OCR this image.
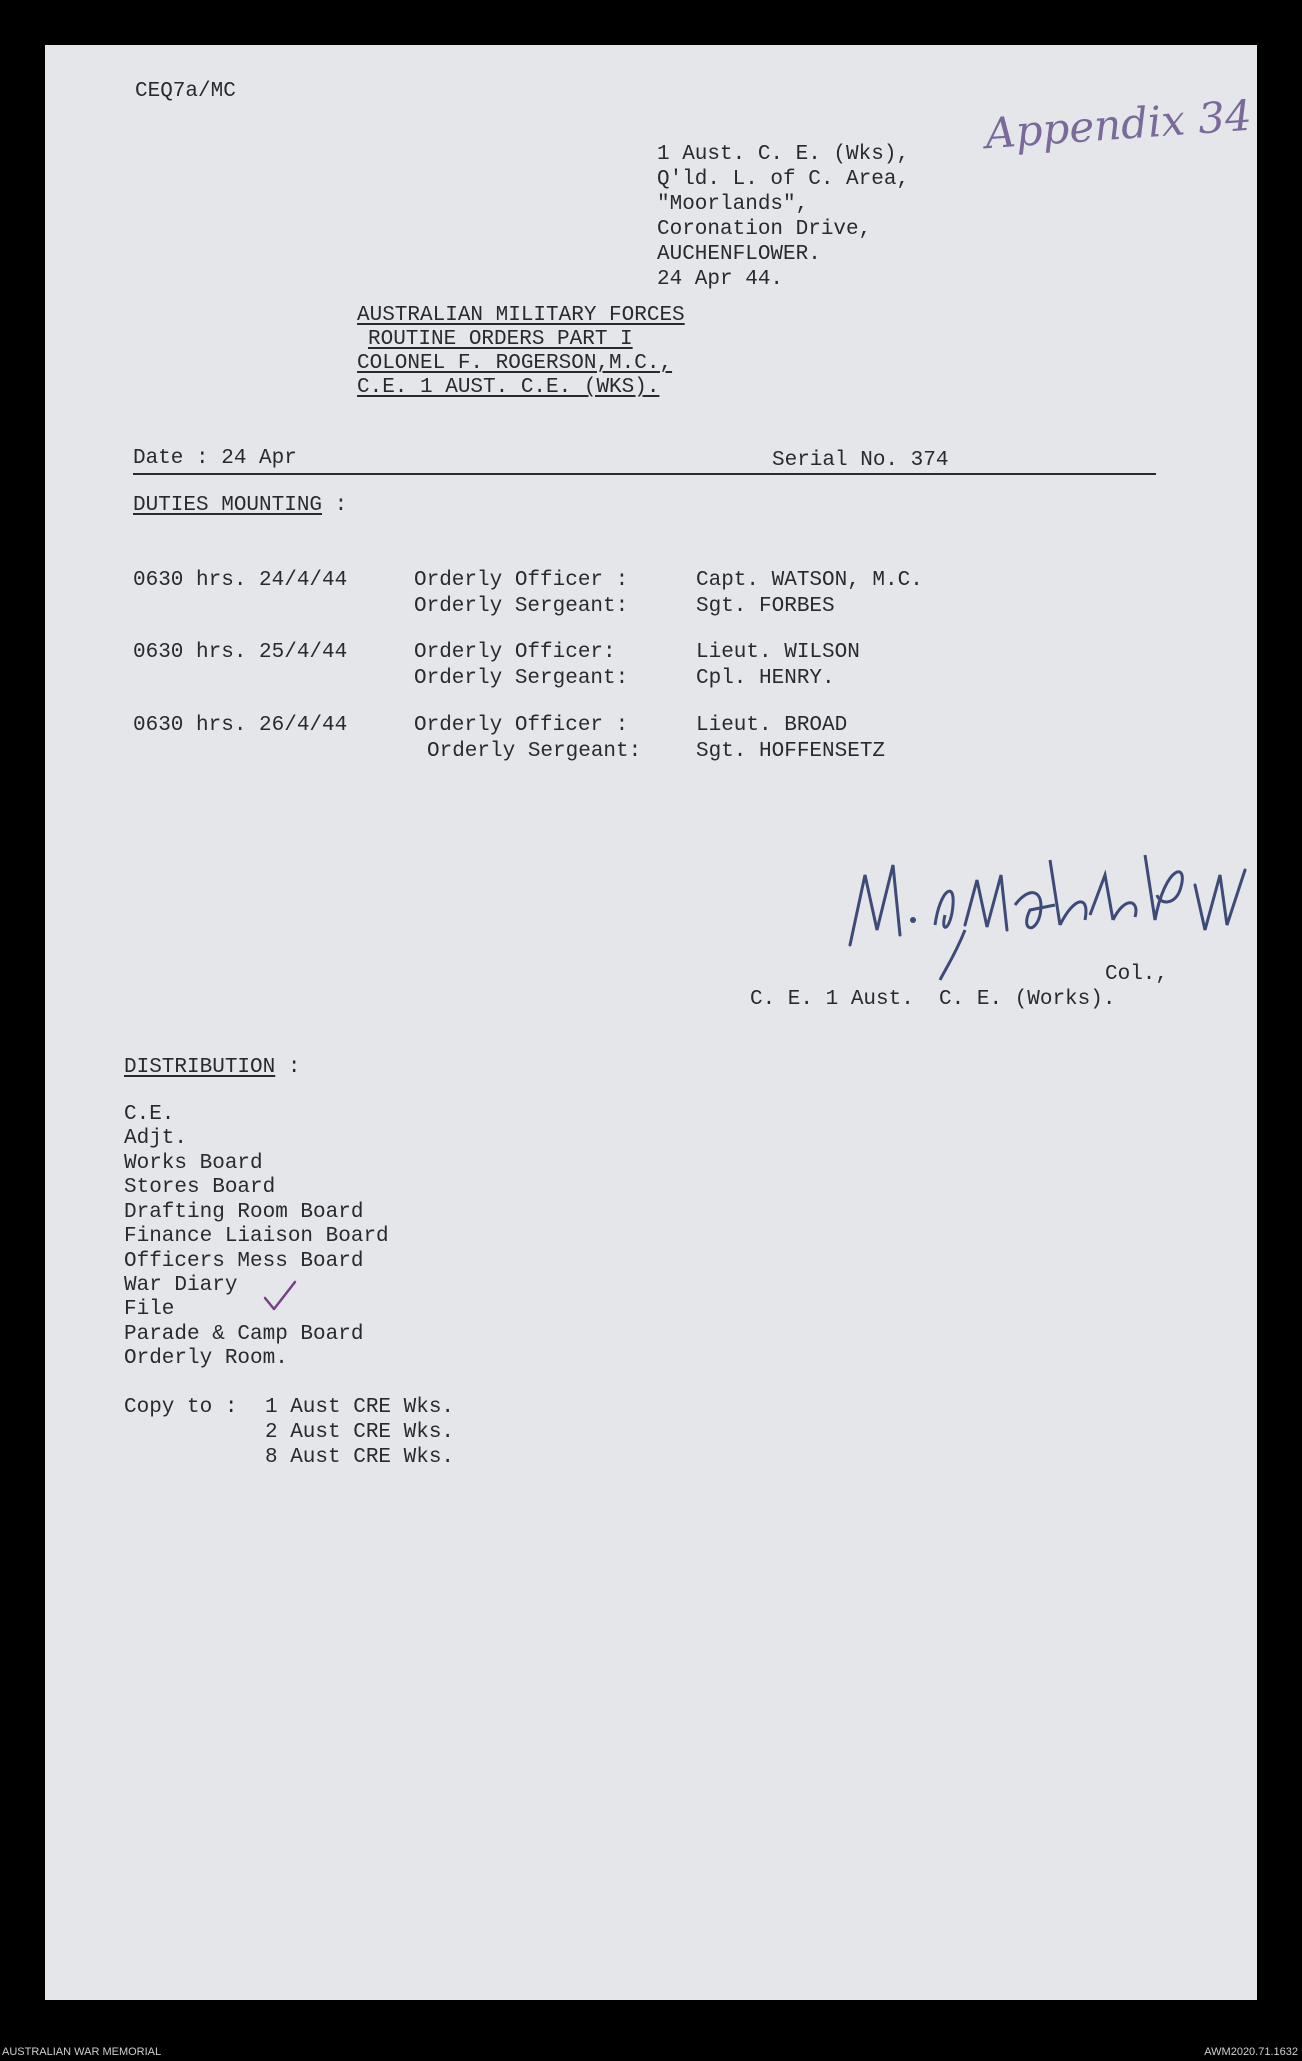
CEQ7a/MC	Appendix 34
1 Aust. C. E. (Wks),
Q'ld. L. of C. Area,
"Moorlands",
Coronation Drive,
AUCHENFLOWER.
24 Apr 44.
AUSTRALIAN MILITARY FORCES
ROUTINE ORDERS PART I
COLONEL F. ROGERSON,M.C.,
C.E. 1 AUST. C.E. (WKS).
Date : 24 Apr	Serial No. 374
DUTIES MOUNTING :
0630 hrs. 24/4/44	Orderly Officer :	Capt. WATSON, M.C.
Orderly Sergeant:	Sgt. FORBES
0630 hrs. 25/4/44	Orderly Officer:	Lieut. WILSON
Orderly Sergeant:	Cpl. HENRY.
0630 hrs. 26/4/44	Orderly Officer :	Lieut. BROAD
Orderly Sergeant:	Sgt. HOFFENSETZ
Col.,
C. E. 1 Aust.  C. E. (Works).
DISTRIBUTION :
C.E.
Adjt.
Works Board
Stores Board
Drafting Room Board
Finance Liaison Board
Officers Mess Board
War Diary
File
Parade & Camp Board
Orderly Room.
Copy to : 1 Aust CRE Wks.
2 Aust CRE Wks.
8 Aust CRE Wks.
AUSTRALIAN WAR MEMORIAL	AWM2020.71.1632
